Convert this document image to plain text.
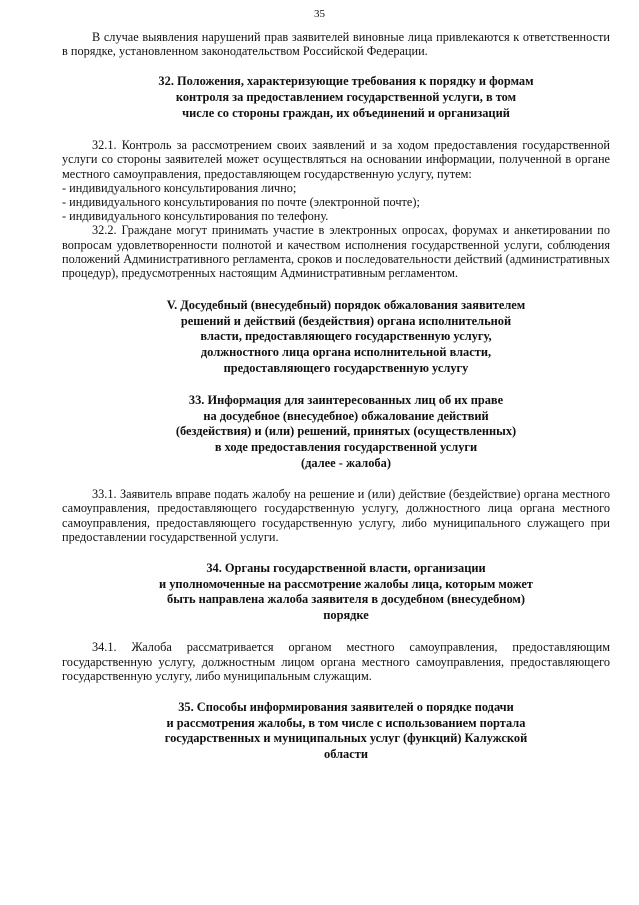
35

В случае выявления нарушений прав заявителей виновные лица привлекаются к ответственности в порядке, установленном законодательством Российской Федерации.

32. Положения, характеризующие требования к порядку и формам
контроля за предоставлением государственной услуги, в том
числе со стороны граждан, их объединений и организаций

32.1. Контроль за рассмотрением своих заявлений и за ходом предоставления государственной услуги со стороны заявителей может осуществляться на основании информации, полученной в органе местного самоуправления, предоставляющем государственную услугу, путем:

- индивидуального консультирования лично;

- индивидуального консультирования по почте (электронной почте);

- индивидуального консультирования по телефону.

32.2. Граждане могут принимать участие в электронных опросах, форумах и анкетировании по вопросам удовлетворенности полнотой и качеством исполнения государственной услуги, соблюдения положений Административного регламента, сроков и последовательности действий (административных процедур), предусмотренных настоящим Административным регламентом.

V. Досудебный (внесудебный) порядок обжалования заявителем
решений и действий (бездействия) органа исполнительной
власти, предоставляющего государственную услугу,
должностного лица органа исполнительной власти,
предоставляющего государственную услугу
33. Информация для заинтересованных лиц об их праве
на досудебное (внесудебное) обжалование действий
(бездействия) и (или) решений, принятых (осуществленных)
в ходе предоставления государственной услуги
(далее - жалоба)

33.1. Заявитель вправе подать жалобу на решение и (или) действие (бездействие) органа местного самоуправления, предоставляющего государственную услугу, должностного лица органа местного самоуправления, предоставляющего государственную услугу, либо муниципального служащего при предоставлении государственной услуги.

34. Органы государственной власти, организации
и уполномоченные на рассмотрение жалобы лица, которым может
быть направлена жалоба заявителя в досудебном (внесудебном)
порядке

34.1. Жалоба рассматривается органом местного самоуправления, предоставляющим государственную услугу, должностным лицом органа местного самоуправления, предоставляющего государственную услугу, либо муниципальным служащим.

35. Способы информирования заявителей о порядке подачи
и рассмотрения жалобы, в том числе с использованием портала
государственных и муниципальных услуг (функций) Калужской
области
